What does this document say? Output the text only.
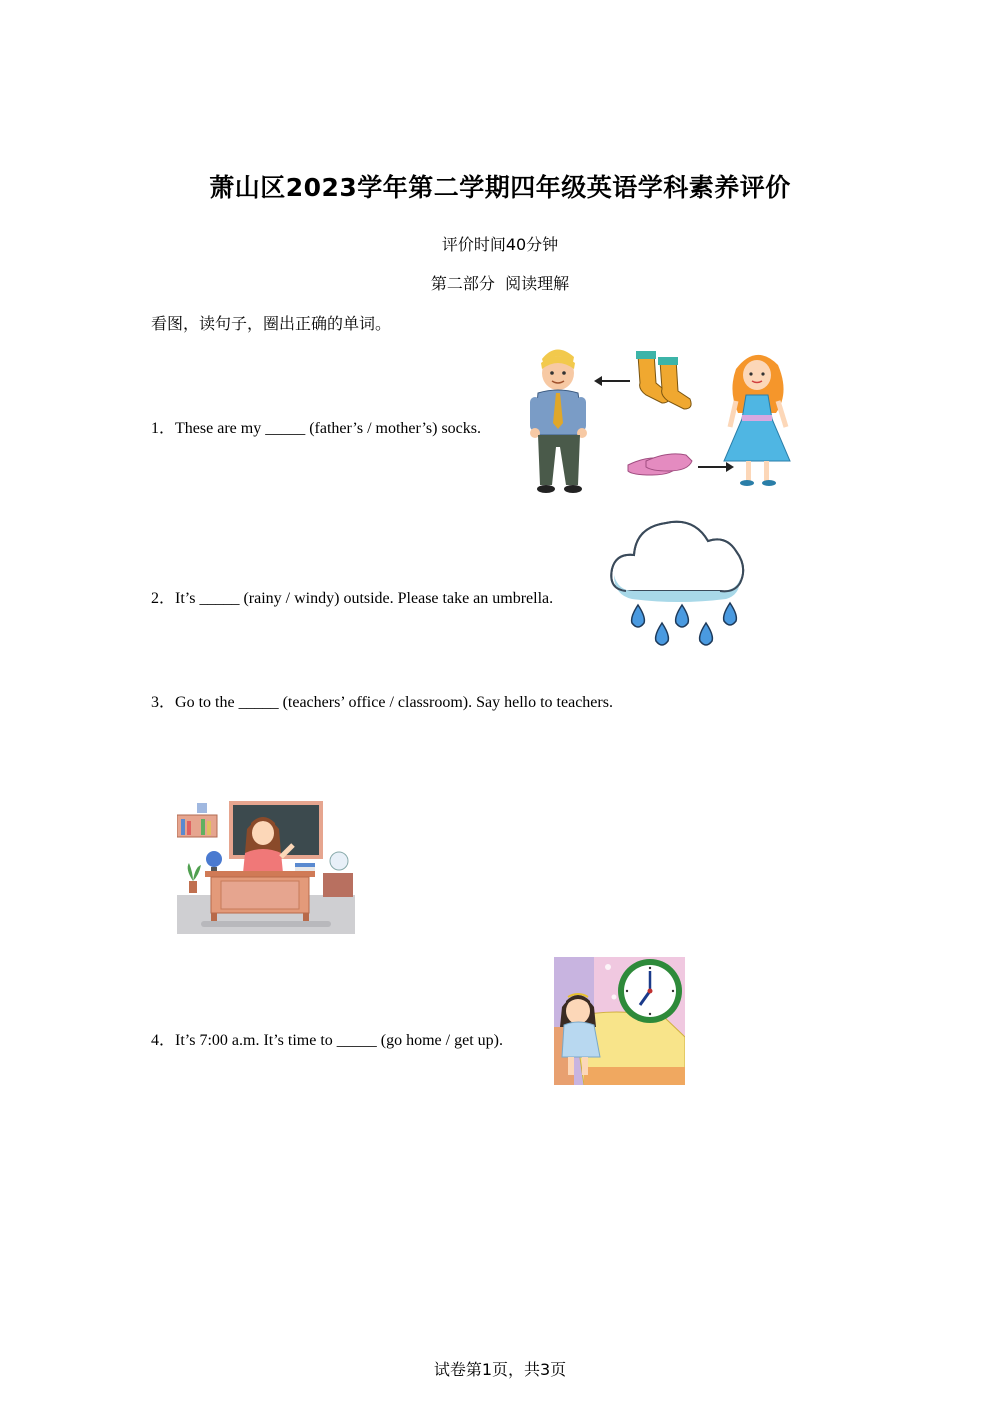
萧山区2023学年第二学期四年级英语学科素养评价
评价时间40分钟
第二部分  阅读理解
看图，读句子，圈出正确的单词。
1．These are my _____ (father’s / mother’s) socks.
2．It’s _____ (rainy / windy) outside. Please take an umbrella.
3．Go to the _____ (teachers’ office / classroom). Say hello to teachers.
4．It’s 7:00 a.m. It’s time to _____ (go home / get up).
试卷第1页，共3页
